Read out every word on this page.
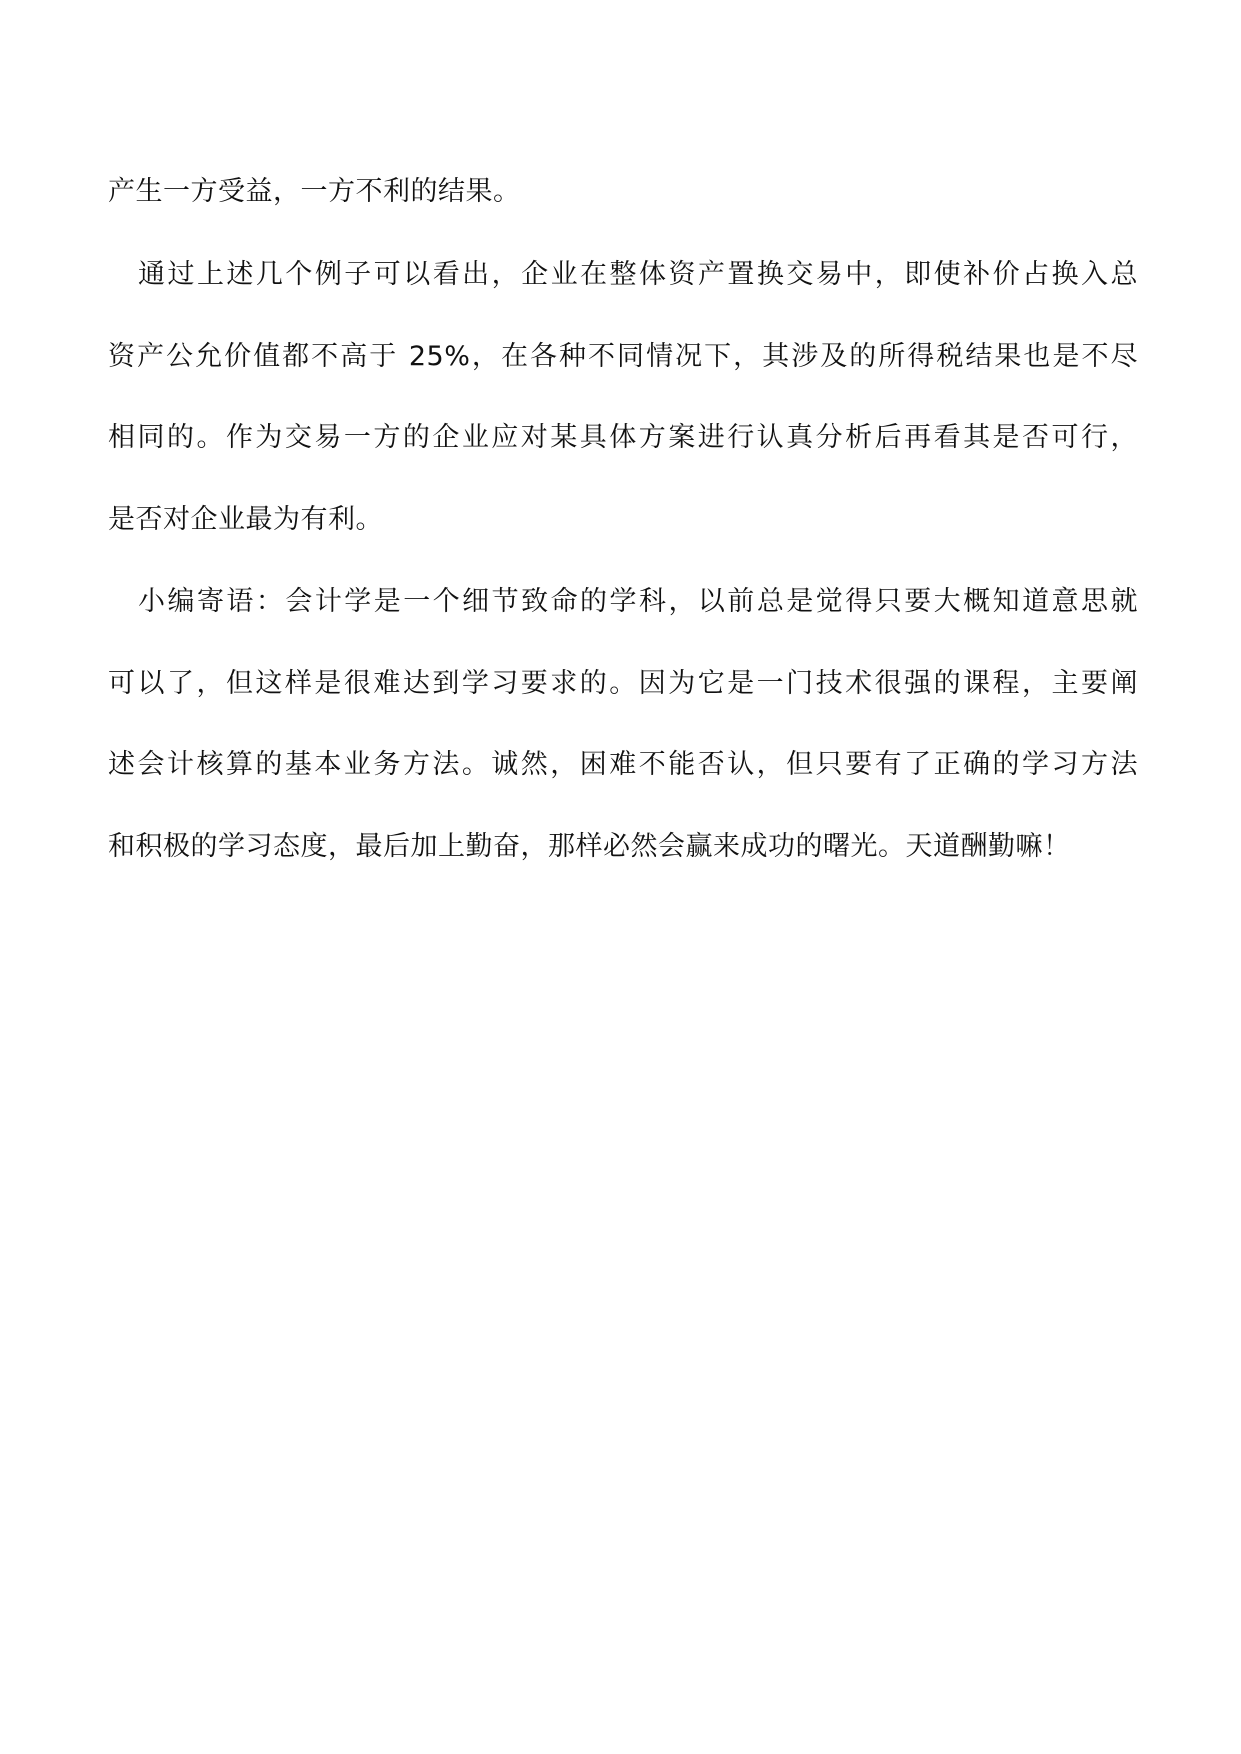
产生一方受益，一方不利的结果。
通过上述几个例子可以看出，企业在整体资产置换交易中，即使补价占换入总
资产公允价值都不高于 25%，在各种不同情况下，其涉及的所得税结果也是不尽
相同的。作为交易一方的企业应对某具体方案进行认真分析后再看其是否可行，
是否对企业最为有利。
小编寄语：会计学是一个细节致命的学科，以前总是觉得只要大概知道意思就
可以了，但这样是很难达到学习要求的。因为它是一门技术很强的课程，主要阐
述会计核算的基本业务方法。诚然，困难不能否认，但只要有了正确的学习方法
和积极的学习态度，最后加上勤奋，那样必然会赢来成功的曙光。天道酬勤嘛！
